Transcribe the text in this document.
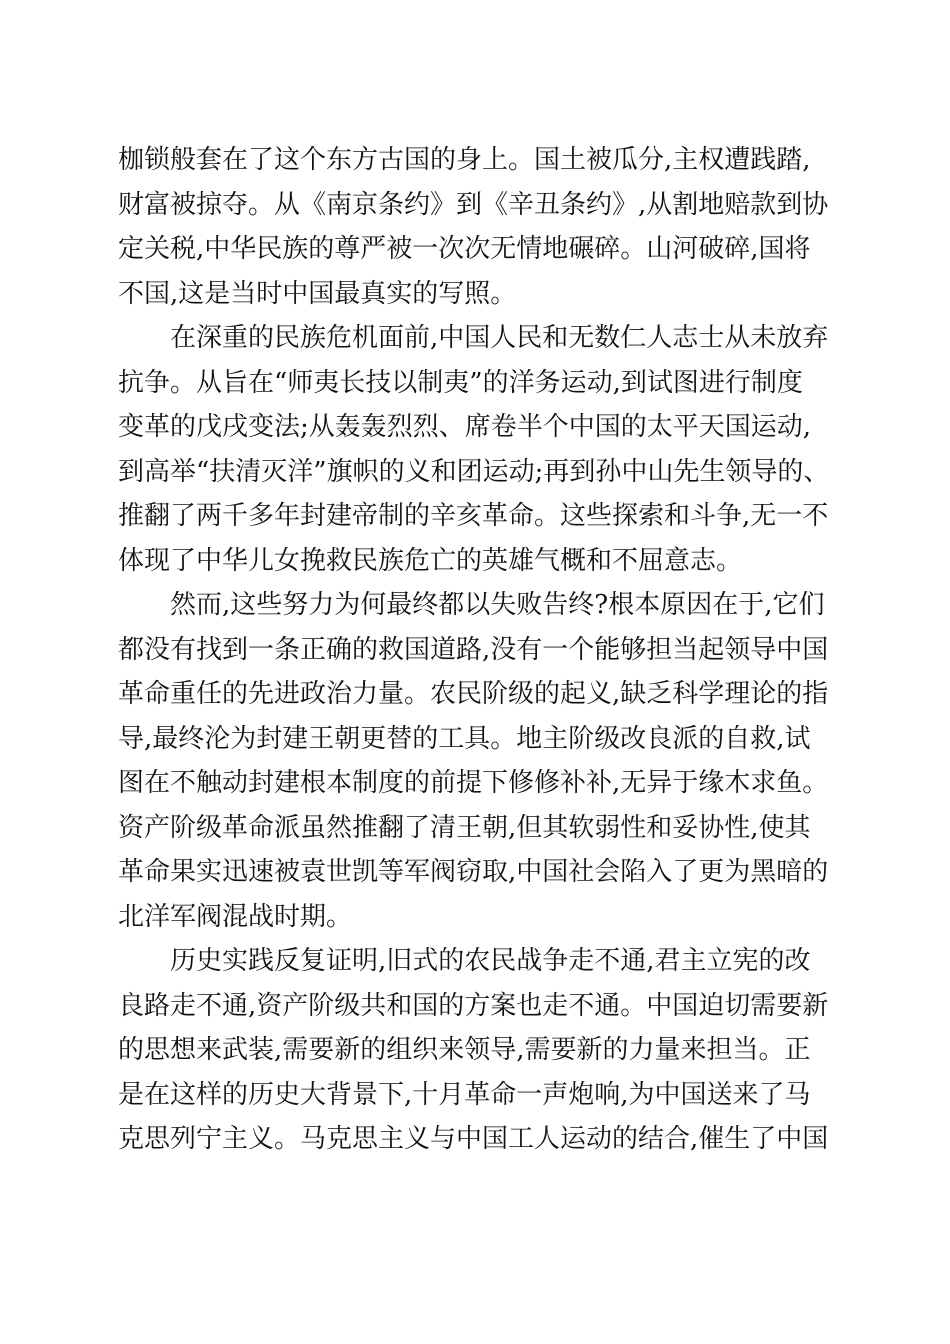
枷锁般套在了这个东方古国的身上。国土被瓜分,主权遭践踏,
财富被掠夺。从《南京条约》到《辛丑条约》,从割地赔款到协
定关税,中华民族的尊严被一次次无情地碾碎。山河破碎,国将
不国,这是当时中国最真实的写照。
在深重的民族危机面前,中国人民和无数仁人志士从未放弃
抗争。从旨在“师夷长技以制夷”的洋务运动,到试图进行制度
变革的戊戌变法;从轰轰烈烈、席卷半个中国的太平天国运动,
到高举“扶清灭洋”旗帜的义和团运动;再到孙中山先生领导的、
推翻了两千多年封建帝制的辛亥革命。这些探索和斗争,无一不
体现了中华儿女挽救民族危亡的英雄气概和不屈意志。
然而,这些努力为何最终都以失败告终?根本原因在于,它们
都没有找到一条正确的救国道路,没有一个能够担当起领导中国
革命重任的先进政治力量。农民阶级的起义,缺乏科学理论的指
导,最终沦为封建王朝更替的工具。地主阶级改良派的自救,试
图在不触动封建根本制度的前提下修修补补,无异于缘木求鱼。
资产阶级革命派虽然推翻了清王朝,但其软弱性和妥协性,使其
革命果实迅速被袁世凯等军阀窃取,中国社会陷入了更为黑暗的
北洋军阀混战时期。
历史实践反复证明,旧式的农民战争走不通,君主立宪的改
良路走不通,资产阶级共和国的方案也走不通。中国迫切需要新
的思想来武装,需要新的组织来领导,需要新的力量来担当。正
是在这样的历史大背景下,十月革命一声炮响,为中国送来了马
克思列宁主义。马克思主义与中国工人运动的结合,催生了中国
